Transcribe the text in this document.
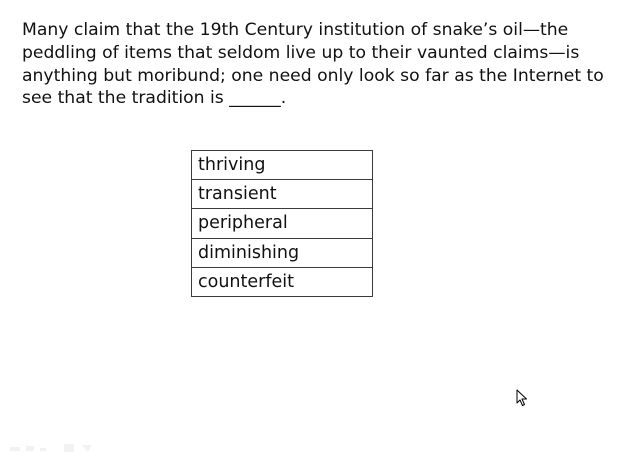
Many claim that the 19th Century institution of snake’s oil—the peddling of items that seldom live up to their vaunted claims—is anything but moribund; one need only look so far as the Internet to see that the tradition is ______.

thriving
transient
peripheral
diminishing
counterfeit
